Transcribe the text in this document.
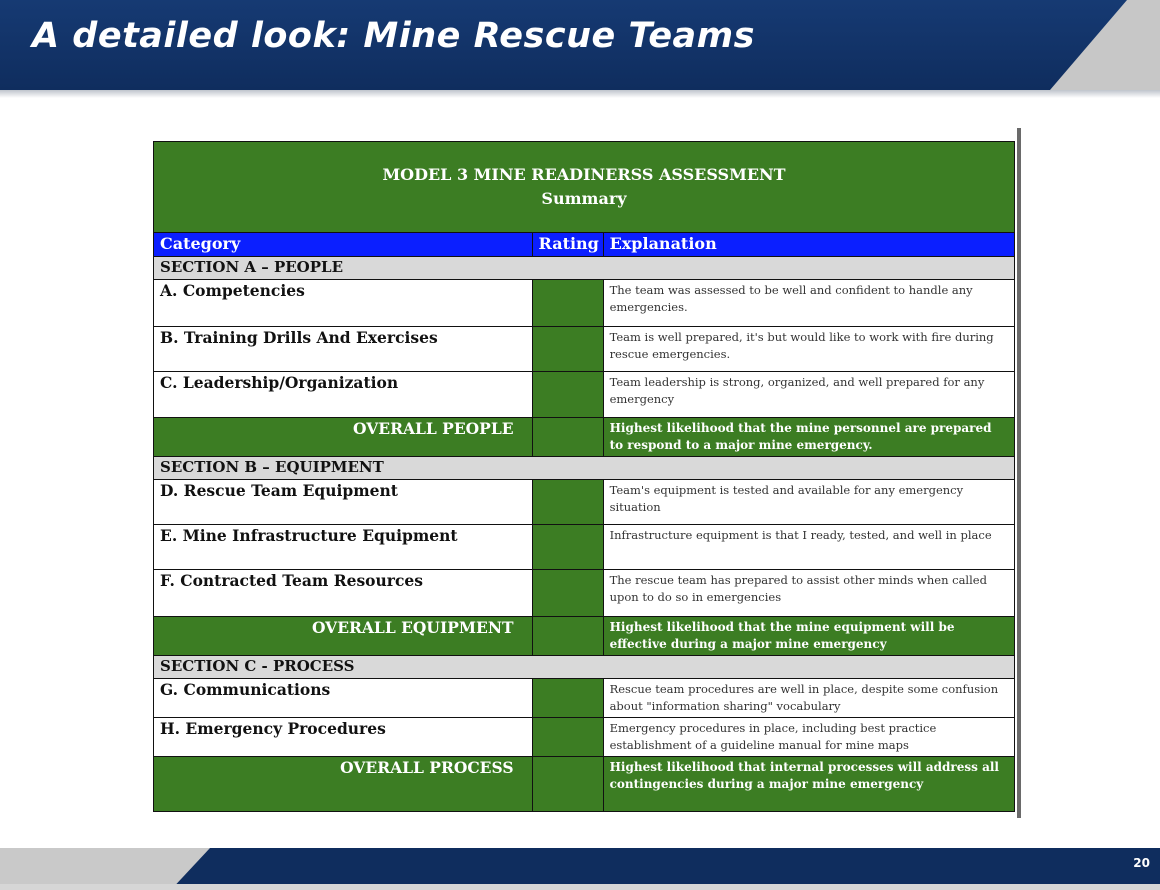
A detailed look: Mine Rescue Teams
MODEL 3 MINE READINERSS ASSESSMENT
Summary		

Category	Rating	Explanation
SECTION A – PEOPLE		
A. Competencies		The team was assessed to be well and confident to handle any emergencies.
B. Training Drills And Exercises		Team is well prepared, it's but would like to work with fire during rescue emergencies.
C. Leadership/Organization		Team leadership is strong, organized, and well prepared for any emergency
OVERALL PEOPLE		Highest likelihood that the mine personnel are prepared to respond to a major mine emergency.
SECTION B – EQUIPMENT		
D. Rescue Team Equipment		Team's equipment is tested and available for any emergency situation
E. Mine Infrastructure Equipment		Infrastructure equipment is that I ready, tested, and well in place
F. Contracted Team Resources		The rescue team has prepared to assist other minds when called upon to do so in emergencies
OVERALL EQUIPMENT		Highest likelihood that the mine equipment will be effective during a major mine emergency
SECTION C - PROCESS		
G. Communications		Rescue team procedures are well in place, despite some confusion about "information sharing" vocabulary
H. Emergency Procedures		Emergency procedures in place, including best practice establishment of a guideline manual for mine maps
OVERALL PROCESS		Highest likelihood that internal processes will address all contingencies during a major mine emergency
20
